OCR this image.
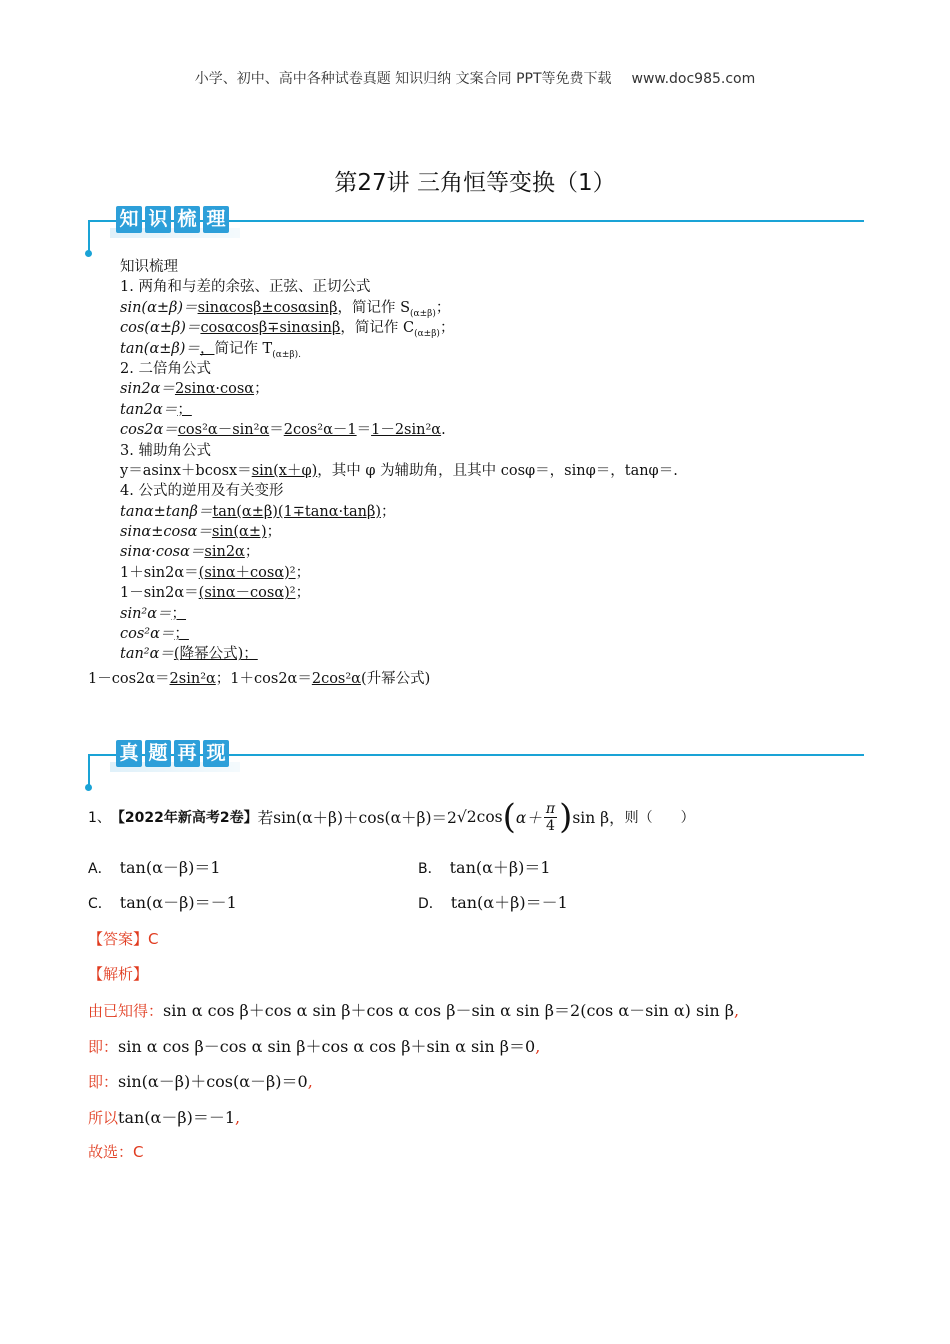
小学、初中、高中各种试卷真题 知识归纳 文案合同 PPT等免费下载 www.doc985.com
第27讲 三角恒等变换（1）
知 识 梳 理
知识梳理
1. 两角和与差的余弦、正弦、正切公式
sin(α±β)＝sinαcosβ±cosαsinβ，简记作 $S_{(\alpha\pm\beta)}$；
cos(α±β)＝cosαcosβ∓sinαsinβ，简记作 $C_{(\alpha\pm\beta)}$；
tan(α±β)＝，简记作 $T_{(\alpha\pm\beta).}$
2. 二倍角公式
sin2α＝2sinα·cosα；
tan2α＝；
cos2α＝cos²α－sin²α＝2cos²α－1＝1－2sin²α.
3. 辅助角公式
y＝asinx＋bcosx＝sin(x＋φ)，其中 φ 为辅助角，且其中 cosφ＝，sinφ＝，tanφ＝.
4. 公式的逆用及有关变形
tanα±tanβ＝tan(α±β)(1∓tanα·tanβ)；
sinα±cosα＝sin(α±)；
sinα·cosα＝sin2α；
1＋sin2α＝(sinα＋cosα)²；
1－sin2α＝(sinα－cosα)²；
sin²α＝；
cos²α＝；
tan²α＝(降幂公式)；
1－cos2α＝2sin²α；1＋cos2α＝2cos²α(升幂公式)
真 题 再 现
1、 【2022年新高考2卷】 若sin(α＋β)＋cos(α＋β)＝2 √2 cos ( $\alpha+ \frac{\pi}{4}$ ) sin β， 则（　　）
A． tan(α－β)＝1	B． tan(α＋β)＝1
C． tan(α－β)＝－1	D． tan(α＋β)＝－1
【答案】C
【解析】
由已知得：sin α cos β＋cos α sin β＋cos α cos β－sin α sin β＝2(cos α－sin α) sin β,
即：sin α cos β－cos α sin β＋cos α cos β＋sin α sin β＝0,
即：sin(α－β)＋cos(α－β)＝0,
所以tan(α－β)＝－1,
故选：C
